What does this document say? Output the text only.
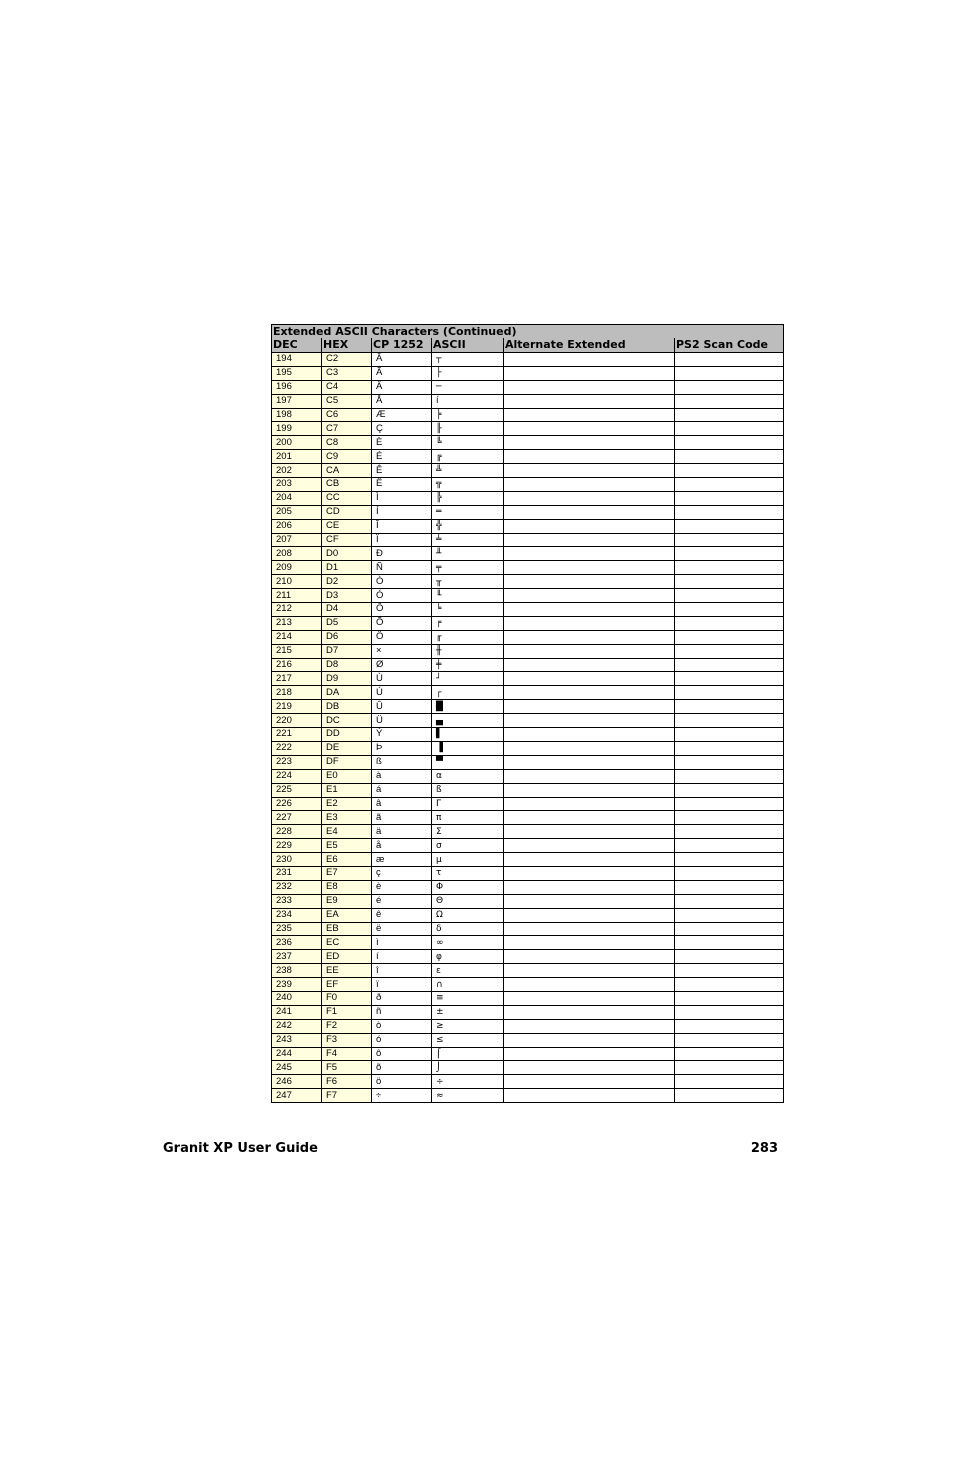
Extended ASCII Characters (Continued)					
DEC	HEX	CP 1252	ASCII	Alternate Extended	PS2 Scan Code
194	C2	Â	┬		
195	C3	Ã	├		
196	C4	Ä	─		
197	C5	Å	í		
198	C6	Æ	╞		
199	C7	Ç	╟		
200	C8	È	╚		
201	C9	É	╔		
202	CA	Ê	╩		
203	CB	Ë	╦		
204	CC	Ì	╠		
205	CD	Í	═		
206	CE	Î	╬		
207	CF	Ï	╧		
208	D0	Ð	╨		
209	D1	Ñ	╤		
210	D2	Ò	╥		
211	D3	Ó	╙		
212	D4	Ô	╘		
213	D5	Õ	╒		
214	D6	Ö	╓		
215	D7	×	╫		
216	D8	Ø	╪		
217	D9	Ù	┘		
218	DA	Ú	┌		
219	DB	Û	█		
220	DC	Ü	▄		
221	DD	Ý	▌		
222	DE	Þ	▐		
223	DF	ß	▀		
224	E0	à	α		
225	E1	á	ß		
226	E2	â	Γ		
227	E3	ã	π		
228	E4	ä	Σ		
229	E5	å	σ		
230	E6	æ	µ		
231	E7	ç	τ		
232	E8	è	Φ		
233	E9	é	Θ		
234	EA	ê	Ω		
235	EB	ë	δ		
236	EC	ì	∞		
237	ED	í	φ		
238	EE	î	ε		
239	EF	ï	∩		
240	F0	ð	≡		
241	F1	ñ	±		
242	F2	ò	≥		
243	F3	ó	≤		
244	F4	ô	⌠		
245	F5	õ	⌡		
246	F6	ö	÷		
247	F7	÷	≈		
Granit XP User Guide	283
